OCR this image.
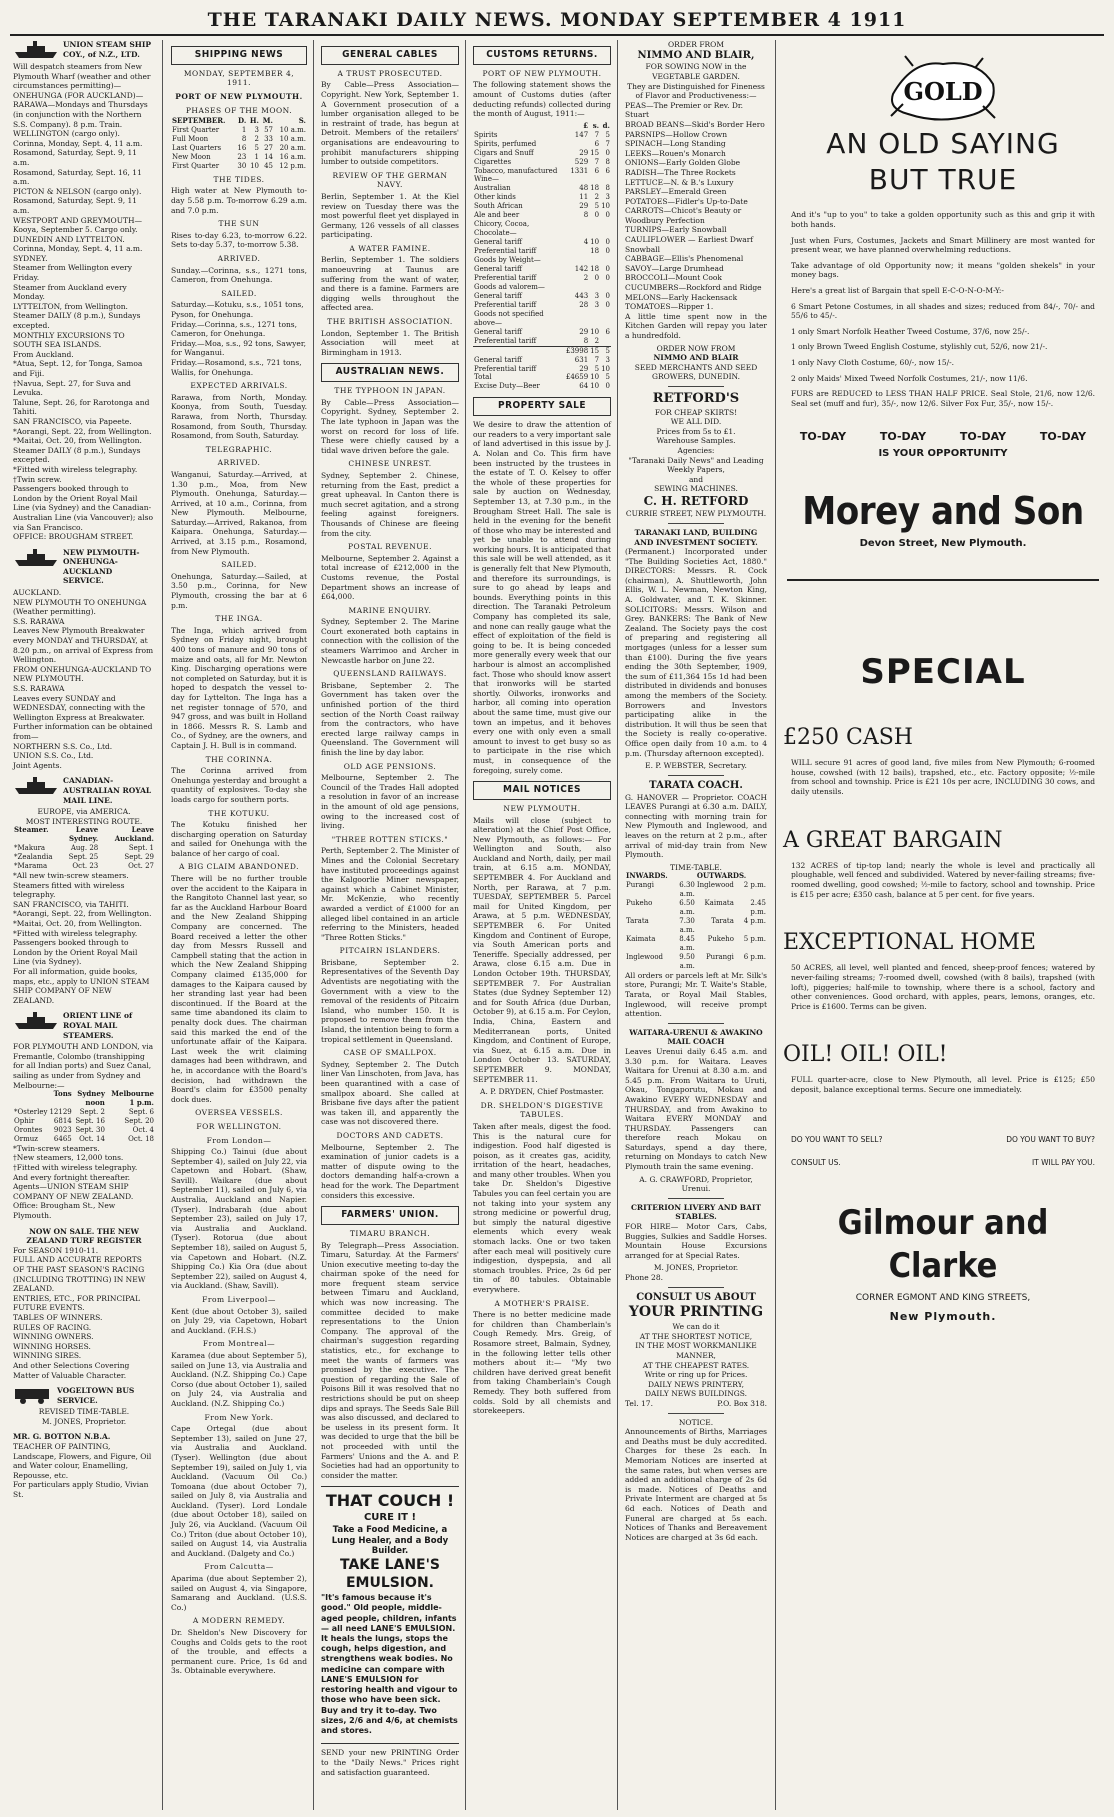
THE TARANAKI DAILY NEWS. MONDAY SEPTEMBER 4 1911
UNION STEAM SHIP COY., of N.Z., LTD.
Will despatch steamers from New Plymouth Wharf (weather and other circumstances permitting)—
ONEHUNGA (FOR AUCKLAND)—
RARAWA—Mondays and Thursdays (in conjunction with the Northern S.S. Company). 8 p.m. Train.
WELLINGTON (cargo only).
Corinna, Monday, Sept. 4, 11 a.m.
Rosamond, Saturday, Sept. 9, 11 a.m.
Rosamond, Saturday, Sept. 16, 11 a.m.
PICTON & NELSON (cargo only).
Rosamond, Saturday, Sept. 9, 11 a.m.
WESTPORT AND GREYMOUTH—
Kooya, September 5. Cargo only.
DUNEDIN AND LYTTELTON.
Corinna, Monday, Sept. 4, 11 a.m.
SYDNEY.
Steamer from Wellington every Friday.
Steamer from Auckland every Monday.
LYTTELTON, from Wellington.
Steamer DAILY (8 p.m.), Sundays excepted.
MONTHLY EXCURSIONS TO SOUTH SEA ISLANDS.
From Auckland.
*Atua, Sept. 12, for Tonga, Samoa and Fiji.
†Navua, Sept. 27, for Suva and Levuka.
Talune, Sept. 26, for Rarotonga and Tahiti.
SAN FRANCISCO, via Papeete.
*Aorangi, Sept. 22, from Wellington.
*Maitai, Oct. 20, from Wellington.
Steamer DAILY (8 p.m.), Sundays excepted.
*Fitted with wireless telegraphy.
†Twin screw.
Passengers booked through to London by the Orient Royal Mail Line (via Sydney) and the Canadian-Australian Line (via Vancouver); also via San Francisco.
OFFICE: BROUGHAM STREET.
NEW PLYMOUTH-ONEHUNGA-AUCKLAND SERVICE.
AUCKLAND.
NEW PLYMOUTH TO ONEHUNGA (Weather permitting).
S.S. RARAWA
Leaves New Plymouth Breakwater every MONDAY and THURSDAY, at 8.20 p.m., on arrival of Express from Wellington.
FROM ONEHUNGA-AUCKLAND TO NEW PLYMOUTH.
S.S. RARAWA
Leaves every SUNDAY and WEDNESDAY, connecting with the Wellington Express at Breakwater.
Further information can be obtained from—
NORTHERN S.S. Co., Ltd.
UNION S.S. Co., Ltd.
Joint Agents.
CANADIAN-AUSTRALIAN ROYAL MAIL LINE.
EUROPE, via AMERICA.
MOST INTERESTING ROUTE.
Steamer.	Leave Sydney.	Leave Auckland.
*Makura	Aug. 28	Sept. 1
*Zealandia	Sept. 25	Sept. 29
*Marama	Oct. 23	Oct. 27
*All new twin-screw steamers.
Steamers fitted with wireless telegraphy.
SAN FRANCISCO, via TAHITI.
*Aorangi, Sept. 22, from Wellington.
*Maitai, Oct. 20, from Wellington.
*Fitted with wireless telegraphy.
Passengers booked through to London by the Orient Royal Mail Line (via Sydney).
For all information, guide books, maps, etc., apply to UNION STEAM SHIP COMPANY OF NEW ZEALAND.
ORIENT LINE of ROYAL MAIL STEAMERS.
FOR PLYMOUTH AND LONDON, via Fremantle, Colombo (transhipping for all Indian ports) and Suez Canal, sailing as under from Sydney and Melbourne:—
	Tons	Sydney noon	Melbourne 1 p.m.
*Osterley	12129	Sept. 2	Sept. 6
Ophir	6814	Sept. 16	Sept. 20
Orontes	9023	Sept. 30	Oct. 4
Ormuz	6465	Oct. 14	Oct. 18
*Twin-screw steamers.
†New steamers, 12,000 tons.
†Fitted with wireless telegraphy.
And every fortnight thereafter.
Agents—UNION STEAM SHIP COMPANY OF NEW ZEALAND.
Office: Brougham St., New Plymouth.
NOW ON SALE. THE NEW ZEALAND TURF REGISTER
For SEASON 1910-11.
FULL AND ACCURATE REPORTS OF THE PAST SEASON'S RACING (INCLUDING TROTTING) IN NEW ZEALAND.
ENTRIES, ETC., FOR PRINCIPAL FUTURE EVENTS.
TABLES OF WINNERS.
RULES OF RACING.
WINNING OWNERS.
WINNING HORSES.
WINNING SIRES.
And other Selections Covering Matter of Valuable Character.
VOGELTOWN BUS SERVICE.
REVISED TIME-TABLE.
M. JONES, Proprietor.
MR. G. BOTTON N.B.A.
TEACHER OF PAINTING,
Landscape, Flowers, and Figure, Oil and Water colour, Enamelling, Repousse, etc.
For particulars apply Studio, Vivian St.
SHIPPING NEWS
MONDAY, SEPTEMBER 4, 1911.
PORT OF NEW PLYMOUTH.
PHASES OF THE MOON.
SEPTEMBER.	D.	H.	M.	S.
First Quarter	1	3	57	10 a.m.
Full Moon	8	2	33	10 a.m.
Last Quarters	16	5	27	20 a.m.
New Moon	23	1	14	16 a.m.
First Quarter	30	10	45	12 p.m.
THE TIDES.

High water at New Plymouth to-day 5.58 p.m. To-morrow 6.29 a.m. and 7.0 p.m.

THE SUN

Rises to-day 6.23, to-morrow 6.22. Sets to-day 5.37, to-morrow 5.38.

ARRIVED.

Sunday.—Corinna, s.s., 1271 tons, Cameron, from Onehunga.

SAILED.
Saturday.—Kotuku, s.s., 1051 tons, Pyson, for Onehunga.
Friday.—Corinna, s.s., 1271 tons, Cameron, for Onehunga.
Friday.—Moa, s.s., 92 tons, Sawyer, for Wanganui.
Friday.—Rosamond, s.s., 721 tons, Wallis, for Onehunga.
EXPECTED ARRIVALS.

Rarawa, from North, Monday. Koonya, from South, Tuesday. Rarawa, from North, Thursday. Rosamond, from South, Thursday. Rosamond, from South, Saturday.

TELEGRAPHIC.
ARRIVED.

Wanganui, Saturday.—Arrived, at 1.30 p.m., Moa, from New Plymouth. Onehunga, Saturday.—Arrived, at 10 a.m., Corinna, from New Plymouth. Melbourne, Saturday.—Arrived, Rakanoa, from Kaipara. Onehunga, Saturday.—Arrived, at 3.15 p.m., Rosamond, from New Plymouth.

SAILED.

Onehunga, Saturday.—Sailed, at 3.50 p.m., Corinna, for New Plymouth, crossing the bar at 6 p.m.

THE INGA.

The Inga, which arrived from Sydney on Friday night, brought 400 tons of manure and 90 tons of maize and oats, all for Mr. Newton King. Discharging operations were not completed on Saturday, but it is hoped to despatch the vessel to-day for Lyttelton. The Inga has a net register tonnage of 570, and 947 gross, and was built in Holland in 1866. Messrs R. S. Lamb and Co., of Sydney, are the owners, and Captain J. H. Bull is in command.

THE CORINNA.

The Corinna arrived from Onehunga yesterday and brought a quantity of explosives. To-day she loads cargo for southern ports.

THE KOTUKU.

The Kotuku finished her discharging operation on Saturday and sailed for Onehunga with the balance of her cargo of coal.

A BIG CLAIM ABANDONED.

There will be no further trouble over the accident to the Kaipara in the Rangitoto Channel last year, so far as the Auckland Harbour Board and the New Zealand Shipping Company are concerned. The Board received a letter the other day from Messrs Russell and Campbell stating that the action in which the New Zealand Shipping Company claimed £135,000 for damages to the Kaipara caused by her stranding last year had been discontinued. If the Board at the same time abandoned its claim to penalty dock dues. The chairman said this marked the end of the unfortunate affair of the Kaipara. Last week the writ claiming damages had been withdrawn, and he, in accordance with the Board's decision, had withdrawn the Board's claim for £3500 penalty dock dues.

OVERSEA VESSELS.
FOR WELLINGTON.
From London—

Shipping Co.) Tainui (due about September 4), sailed on July 22, via Capetown and Hobart. (Shaw, Savill). Waikare (due about September 11), sailed on July 6, via Australia, Auckland and Napier. (Tyser). Indrabarah (due about September 23), sailed on July 17, via Australia and Auckland. (Tyser). Rotorua (due about September 18), sailed on August 5, via Capetown and Hobart. (N.Z. Shipping Co.) Kia Ora (due about September 22), sailed on August 4, via Auckland. (Shaw, Savill).

From Liverpool—

Kent (due about October 3), sailed on July 29, via Capetown, Hobart and Auckland. (F.H.S.)

From Montreal—

Karamea (due about September 5), sailed on June 13, via Australia and Auckland. (N.Z. Shipping Co.) Cape Corso (due about October 1), sailed on July 24, via Australia and Auckland. (N.Z. Shipping Co.)

From New York.

Cape Ortegal (due about September 13), sailed on June 27, via Australia and Auckland. (Tyser). Wellington (due about September 19), sailed on July 1, via Auckland. (Vacuum Oil Co.) Tomoana (due about October 7), sailed on July 8, via Australia and Auckland. (Tyser). Lord Londale (due about October 18), sailed on July 26, via Auckland. (Vacuum Oil Co.) Triton (due about October 10), sailed on August 14, via Australia and Auckland. (Dalgety and Co.)

From Calcutta—

Aparima (due about September 2), sailed on August 4, via Singapore, Samarang and Auckland. (U.S.S. Co.)

A MODERN REMEDY.

Dr. Sheldon's New Discovery for Coughs and Colds gets to the root of the trouble, and effects a permanent cure. Price, 1s 6d and 3s. Obtainable everywhere.

GENERAL CABLES
A TRUST PROSECUTED.

By Cable—Press Association—Copyright. New York, September 1. A Government prosecution of a lumber organisation alleged to be in restraint of trade, has begun at Detroit. Members of the retailers' organisations are endeavouring to prohibit manufacturers shipping lumber to outside competitors.

REVIEW OF THE GERMAN NAVY.

Berlin, September 1. At the Kiel review on Tuesday there was the most powerful fleet yet displayed in Germany, 126 vessels of all classes participating.

A WATER FAMINE.

Berlin, September 1. The soldiers manoeuvring at Taunus are suffering from the want of water, and there is a famine. Farmers are digging wells throughout the affected area.

THE BRITISH ASSOCIATION.

London, September 1. The British Association will meet at Birmingham in 1913.

AUSTRALIAN NEWS.
THE TYPHOON IN JAPAN.

By Cable—Press Association—Copyright. Sydney, September 2. The late typhoon in Japan was the worst on record for loss of life. These were chiefly caused by a tidal wave driven before the gale.

CHINESE UNREST.

Sydney, September 2. Chinese, returning from the East, predict a great upheaval. In Canton there is much secret agitation, and a strong feeling against foreigners. Thousands of Chinese are fleeing from the city.

POSTAL REVENUE.

Melbourne, September 2. Against a total increase of £212,000 in the Customs revenue, the Postal Department shows an increase of £64,000.

MARINE ENQUIRY.

Sydney, September 2. The Marine Court exonerated both captains in connection with the collision of the steamers Warrimoo and Archer in Newcastle harbor on June 22.

QUEENSLAND RAILWAYS.

Brisbane, September 2. The Government has taken over the unfinished portion of the third section of the North Coast railway from the contractors, who have erected large railway camps in Queensland. The Government will finish the line by day labor.

OLD AGE PENSIONS.

Melbourne, September 2. The Council of the Trades Hall adopted a resolution in favor of an increase in the amount of old age pensions, owing to the increased cost of living.

"THREE ROTTEN STICKS."

Perth, September 2. The Minister of Mines and the Colonial Secretary have instituted proceedings against the Kalgoorlie Miner newspaper, against which a Cabinet Minister, Mr. McKenzie, who recently awarded a verdict of £1000 for an alleged libel contained in an article referring to the Ministers, headed "Three Rotten Sticks."

PITCAIRN ISLANDERS.

Brisbane, September 2. Representatives of the Seventh Day Adventists are negotiating with the Government with a view to the removal of the residents of Pitcairn Island, who number 150. It is proposed to remove them from the Island, the intention being to form a tropical settlement in Queensland.

CASE OF SMALLPOX.

Sydney, September 2. The Dutch liner Van Linschoten, from Java, has been quarantined with a case of smallpox aboard. She called at Brisbane five days after the patient was taken ill, and apparently the case was not discovered there.

DOCTORS AND CADETS.

Melbourne, September 2. The examination of junior cadets is a matter of dispute owing to the doctors demanding half-a-crown a head for the work. The Department considers this excessive.

FARMERS' UNION.
TIMARU BRANCH.

By Telegraph—Press Association. Timaru, Saturday. At the Farmers' Union executive meeting to-day the chairman spoke of the need for more frequent steam service between Timaru and Auckland, which was now increasing. The committee decided to make representations to the Union Company. The approval of the chairman's suggestion regarding statistics, etc., for exchange to meet the wants of farmers was promised by the executive. The question of regarding the Sale of Poisons Bill it was resolved that no restrictions should be put on sheep dips and sprays. The Seeds Sale Bill was also discussed, and declared to be useless in its present form. It was decided to urge that the bill be not proceeded with until the Farmers' Unions and the A. and P. Societies had had an opportunity to consider the matter.

THAT COUCH !
CURE IT !
Take a Food Medicine, a Lung Healer, and a Body Builder.
TAKE LANE'S EMULSION.

"It's famous because it's good." Old people, middle-aged people, children, infants — all need LANE'S EMULSION. It heals the lungs, stops the cough, helps digestion, and strengthens weak bodies. No medicine can compare with LANE'S EMULSION for restoring health and vigour to those who have been sick. Buy and try it to-day. Two sizes, 2/6 and 4/6, at chemists and stores.

SEND your new PRINTING Order to the "Daily News." Prices right and satisfaction guaranteed.

CUSTOMS RETURNS.
PORT OF NEW PLYMOUTH.

The following statement shows the amount of Customs duties (after deducting refunds) collected during the month of August, 1911:—

	£	s.	d.
Spirits	147	7	5
Spirits, perfumed		6	7
Cigars and Snuff	29	15	0
Cigarettes	529	7	8
Tobacco, manufactured	1331	6	6
Wine—			
Australian	48	18	8
Other kinds	11	2	3
South African	29	5	10
Ale and beer	8	0	0
Chicory, Cocoa, Chocolate—			
General tariff	4	10	0
Preferential tariff		18	0
Goods by Weight—			
General tariff	142	18	0
Preferential tariff	2	0	0
Goods ad valorem—			
General tariff	443	3	0
Preferential tariff	28	3	0
Goods not specified above—			
General tariff	29	10	6
Preferential tariff	8	2	
	£3998	15	5
General tariff	631	7	3
Preferential tariff	29	5	10
Total	£4659	10	5
Excise Duty—Beer	64	10	0
PROPERTY SALE

We desire to draw the attention of our readers to a very important sale of land advertised in this issue by J. A. Nolan and Co. This firm have been instructed by the trustees in the estate of T. O. Kelsey to offer the whole of these properties for sale by auction on Wednesday, September 13, at 7.30 p.m., in the Brougham Street Hall. The sale is held in the evening for the benefit of those who may be interested and yet be unable to attend during working hours. It is anticipated that this sale will be well attended, as it is generally felt that New Plymouth, and therefore its surroundings, is sure to go ahead by leaps and bounds. Everything points in this direction. The Taranaki Petroleum Company has completed its sale, and none can really gauge what the effect of exploitation of the field is going to be. It is being conceded more generally every week that our harbour is almost an accomplished fact. Those who should know assert that ironworks will be started shortly. Oilworks, ironworks and harbor, all coming into operation about the same time, must give our town an impetus, and it behoves every one with only even a small amount to invest to get busy so as to participate in the rise which must, in consequence of the foregoing, surely come.

MAIL NOTICES
NEW PLYMOUTH.

Mails will close (subject to alteration) at the Chief Post Office, New Plymouth, as follows:— For Wellington and South, also Auckland and North, daily, per mail train, at 6.15 a.m. MONDAY, SEPTEMBER 4. For Auckland and North, per Rarawa, at 7 p.m. TUESDAY, SEPTEMBER 5. Parcel mail for United Kingdom, per Arawa, at 5 p.m. WEDNESDAY, SEPTEMBER 6. For United Kingdom and Continent of Europe, via South American ports and Teneriffe. Specially addressed, per Arawa, close 6.15 a.m. Due in London October 19th. THURSDAY, SEPTEMBER 7. For Australian States (due Sydney September 12) and for South Africa (due Durban, October 9), at 6.15 a.m. For Ceylon, India, China, Eastern and Mediterranean ports, United Kingdom, and Continent of Europe, via Suez, at 6.15 a.m. Due in London October 13. SATURDAY, SEPTEMBER 9. MONDAY, SEPTEMBER 11.

A. P. DRYDEN, Chief Postmaster.
DR. SHELDON'S DIGESTIVE TABULES.

Taken after meals, digest the food. This is the natural cure for indigestion. Food half digested is poison, as it creates gas, acidity, irritation of the heart, headaches, and many other troubles. When you take Dr. Sheldon's Digestive Tabules you can feel certain you are not taking into your system any strong medicine or powerful drug, but simply the natural digestive elements which every weak stomach lacks. One or two taken after each meal will positively cure indigestion, dyspepsia, and all stomach troubles. Price, 2s 6d per tin of 80 tabules. Obtainable everywhere.

A MOTHER'S PRAISE.

There is no better medicine made for children than Chamberlain's Cough Remedy. Mrs. Greig, of Rosamore street, Balmain, Sydney, in the following letter tells other mothers about it:— "My two children have derived great benefit from taking Chamberlain's Cough Remedy. They both suffered from colds. Sold by all chemists and storekeepers.

ORDER FROM
NIMMO AND BLAIR,
FOR SOWING NOW in the VEGETABLE GARDEN.
They are Distinguished for Fineness of Flavor and Productiveness:—
PEAS—The Premier or Rev. Dr. Stuart
BROAD BEANS—Skid's Border Hero
PARSNIPS—Hollow Crown
SPINACH—Long Standing
LEEKS—Rouen's Monarch
ONIONS—Early Golden Globe
RADISH—The Three Rockets
LETTUCE—N. & B.'s Luxury
PARSLEY—Emerald Green
POTATOES—Fidler's Up-to-Date
CARROTS—Chicot's Beauty or Woodbury Perfection
TURNIPS—Early Snowball
CAULIFLOWER — Earliest Dwarf Snowball
CABBAGE—Ellis's Phenomenal
SAVOY—Large Drumhead
BROCCOLI—Mount Cook
CUCUMBERS—Rockford and Ridge
MELONS—Early Hackensack
TOMATOES—Ripper 1.

A little time spent now in the Kitchen Garden will repay you later a hundredfold.

ORDER NOW FROM
NIMMO AND BLAIR
SEED MERCHANTS AND SEED GROWERS, DUNEDIN.
RETFORD'S
FOR CHEAP SKIRTS!
WE ALL DID.
Prices from 5s to £1.
Warehouse Samples.
Agencies:
"Taranaki Daily News" and Leading Weekly Papers,
and
SEWING MACHINES.
C. H. RETFORD
CURRIE STREET, NEW PLYMOUTH.
TARANAKI LAND, BUILDING AND INVESTMENT SOCIETY.

(Permanent.) Incorporated under "The Building Societies Act, 1880." DIRECTORS: Messrs. R. Cock (chairman), A. Shuttleworth, John Ellis, W. L. Newman, Newton King, A. Goldwater, and T. K. Skinner. SOLICITORS: Messrs. Wilson and Grey. BANKERS: The Bank of New Zealand. The Society pays the cost of preparing and registering all mortgages (unless for a lesser sum than £100). During the five years ending the 30th September, 1909, the sum of £11,364 15s 1d had been distributed in dividends and bonuses among the members of the Society. Borrowers and Investors participating alike in the distribution. It will thus be seen that the Society is really co-operative. Office open daily from 10 a.m. to 4 p.m. (Thursday afternoon excepted).

E. P. WEBSTER, Secretary.
TARATA COACH.

G. HANOVER — Proprietor. COACH LEAVES Purangi at 6.30 a.m. DAILY, connecting with morning train for New Plymouth and Inglewood, and leaves on the return at 2 p.m., after arrival of mid-day train from New Plymouth.

TIME-TABLE.
INWARDS.		OUTWARDS.	
Purangi	6.30 a.m.	Inglewood	2 p.m.
Pukeho	6.50 a.m.	Kaimata	2.45 p.m.
Tarata	7.30 a.m.	Tarata	4 p.m.
Kaimata	8.45 a.m.	Pukeho	5 p.m.
Inglewood	9.50 a.m.	Purangi	6 p.m.

All orders or parcels left at Mr. Silk's store, Purangi; Mr. T. Waite's Stable, Tarata, or Royal Mail Stables, Inglewood, will receive prompt attention.

WAITARA-URENUI & AWAKINO MAIL COACH

Leaves Urenui daily 6.45 a.m. and 3.30 p.m. for Waitara. Leaves Waitara for Urenui at 8.30 a.m. and 5.45 p.m. From Waitara to Uruti, Okau, Tongaporutu, Mokau and Awakino EVERY WEDNESDAY and THURSDAY, and from Awakino to Waitara EVERY MONDAY and THURSDAY. Passengers can therefore reach Mokau on Saturdays, spend a day there, returning on Mondays to catch New Plymouth train the same evening.

A. G. CRAWFORD, Proprietor, Urenui.
CRITERION LIVERY AND BAIT STABLES.

FOR HIRE— Motor Cars, Cabs, Buggies, Sulkies and Saddle Horses. Mountain House Excursions arranged for at Special Rates.

M. JONES, Proprietor.
Phone 28.
CONSULT US ABOUT
YOUR PRINTING
We can do it
AT THE SHORTEST NOTICE,
IN THE MOST WORKMANLIKE MANNER,
AT THE CHEAPEST RATES.
Write or ring up for Prices.
DAILY NEWS PRINTERY,
DAILY NEWS BUILDINGS.
Tel. 17.	P.O. Box 318.
NOTICE.

Announcements of Births, Marriages and Deaths must be duly accredited. Charges for these 2s each. In Memoriam Notices are inserted at the same rates, but when verses are added an additional charge of 2s 6d is made. Notices of Deaths and Private Interment are charged at 5s 6d each. Notices of Death and Funeral are charged at 5s each. Notices of Thanks and Bereavement Notices are charged at 3s 6d each.

GOLD
AN OLD SAYING
BUT TRUE

And it's "up to you" to take a golden opportunity such as this and grip it with both hands.

Just when Furs, Costumes, Jackets and Smart Millinery are most wanted for present wear, we have planned overwhelming reductions.

Take advantage of old Opportunity now; it means "golden shekels" in your money bags.

Here's a great list of Bargain that spell E-C-O-N-O-M-Y:-

6 Smart Petone Costumes, in all shades and sizes; reduced from 84/-, 70/- and 55/6 to 45/-.

1 only Smart Norfolk Heather Tweed Costume, 37/6, now 25/-.

1 only Brown Tweed English Costume, stylishly cut, 52/6, now 21/-.

1 only Navy Cloth Costume, 60/-, now 15/-.

2 only Maids' Mixed Tweed Norfolk Costumes, 21/-, now 11/6.

FURS are REDUCED to LESS THAN HALF PRICE. Seal Stole, 21/6, now 12/6. Seal set (muff and fur), 35/-, now 12/6. Silver Fox Fur, 35/-, now 15/-.

TO-DAY	TO-DAY	TO-DAY	TO-DAY
IS YOUR OPPORTUNITY
Morey and Son
Devon Street, New Plymouth.
SPECIAL
£250 CASH

WILL secure 91 acres of good land, five miles from New Plymouth; 6-roomed house, cowshed (with 12 bails), trapshed, etc., etc. Factory opposite; ½-mile from school and township. Price is £21 10s per acre, INCLUDING 30 cows, and daily utensils.

A GREAT BARGAIN

132 ACRES of tip-top land; nearly the whole is level and practically all ploughable, well fenced and subdivided. Watered by never-failing streams; five-roomed dwelling, good cowshed; ½-mile to factory, school and township. Price is £15 per acre; £350 cash, balance at 5 per cent. for five years.

EXCEPTIONAL HOME

50 ACRES, all level, well planted and fenced, sheep-proof fences; watered by never-failing streams; 7-roomed dwell, cowshed (with 8 bails), trapshed (with loft), piggeries; half-mile to township, where there is a school, factory and other conveniences. Good orchard, with apples, pears, lemons, oranges, etc. Price is £1600. Terms can be given.

OIL! OIL! OIL!

FULL quarter-acre, close to New Plymouth, all level. Price is £125; £50 deposit, balance exceptional terms. Secure one immediately.

DO YOU WANT TO SELL?	DO YOU WANT TO BUY?
CONSULT US.	IT WILL PAY YOU.
Gilmour and Clarke
CORNER EGMONT AND KING STREETS,
New Plymouth.
